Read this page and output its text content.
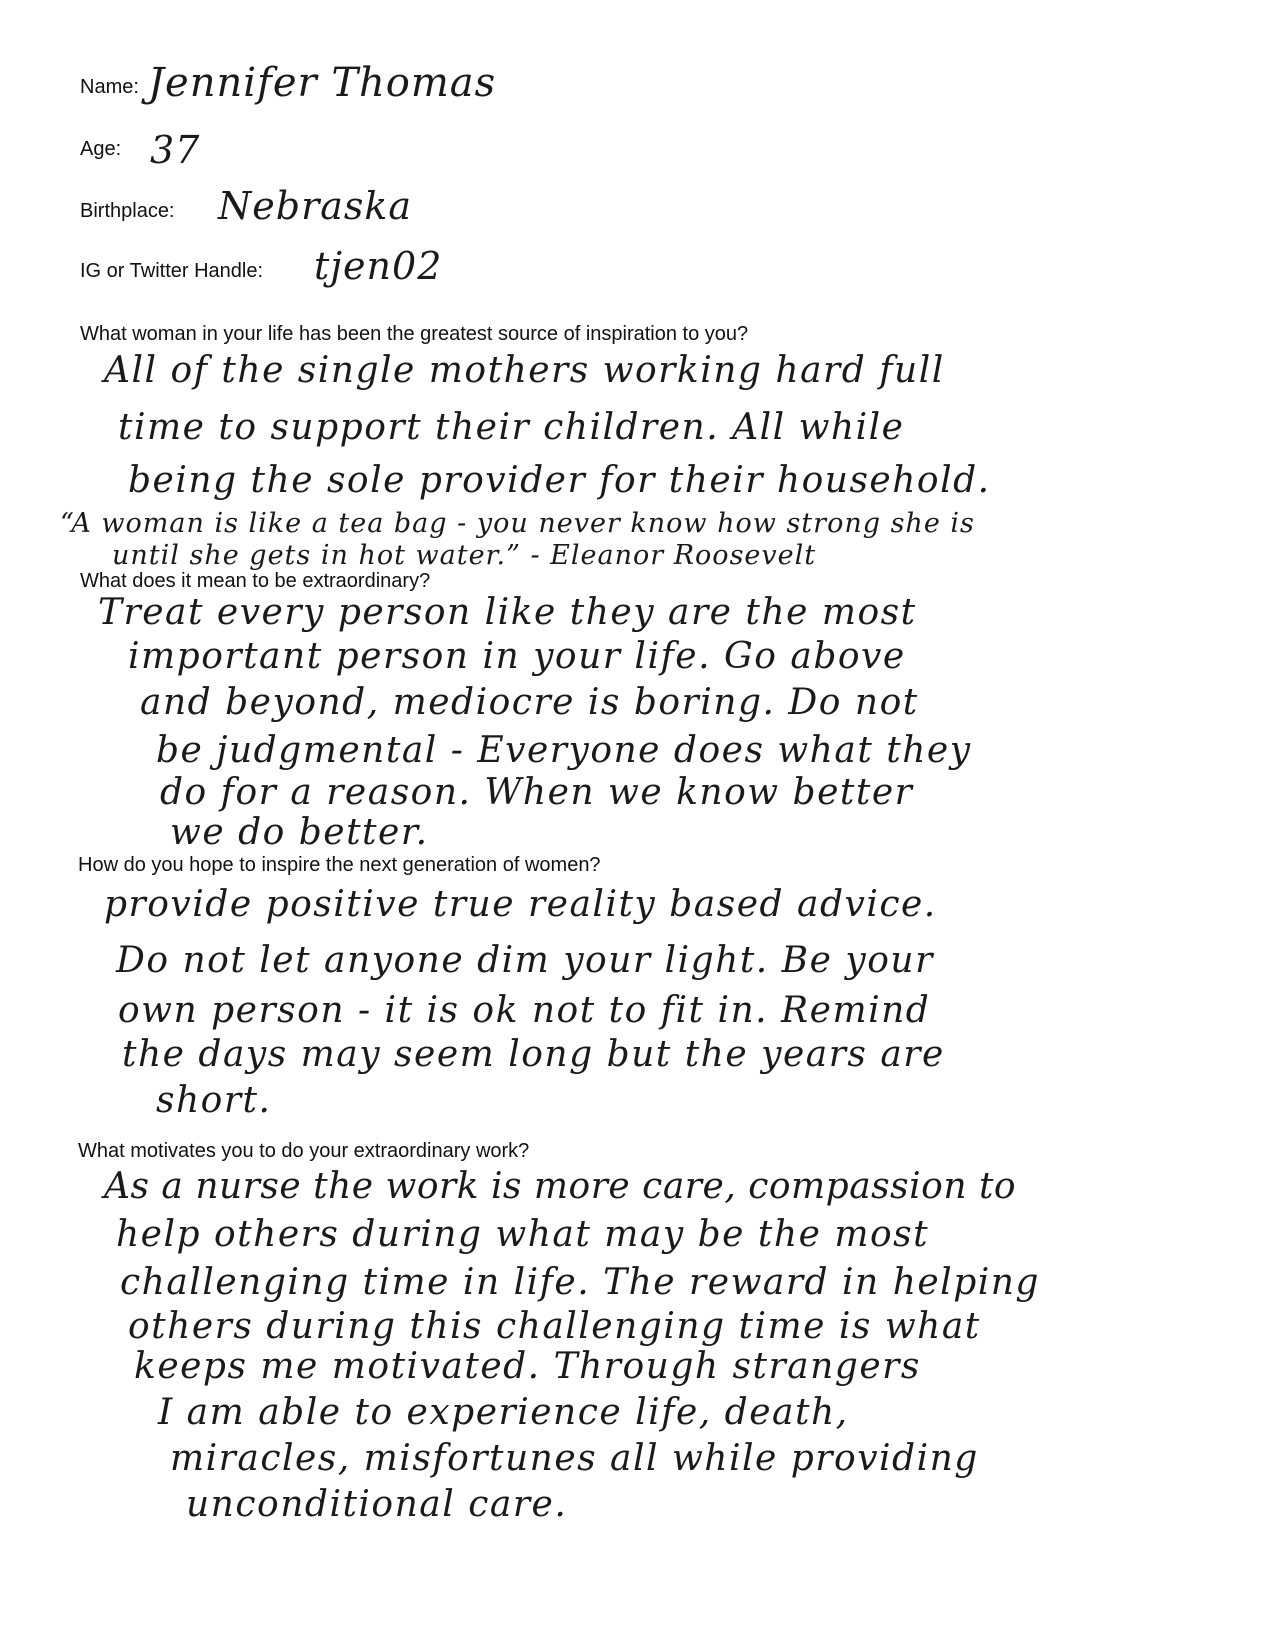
Name: Jennifer Thomas
Age: 37
Birthplace: Nebraska
IG or Twitter Handle: tjen02
What woman in your life has been the greatest source of inspiration to you?
All of the single mothers working hard full
time to support their children. All while
being the sole provider for their household.
“A woman is like a tea bag - you never know how strong she is
until she gets in hot water.” - Eleanor Roosevelt
What does it mean to be extraordinary?
Treat every person like they are the most
important person in your life. Go above
and beyond, mediocre is boring. Do not
be judgmental - Everyone does what they
do for a reason. When we know better
we do better.
How do you hope to inspire the next generation of women?
provide positive true reality based advice.
Do not let anyone dim your light. Be your
own person - it is ok not to fit in. Remind
the days may seem long but the years are
short.
What motivates you to do your extraordinary work?
As a nurse the work is more care, compassion to
help others during what may be the most
challenging time in life. The reward in helping
others during this challenging time is what
keeps me motivated. Through strangers
I am able to experience life, death,
miracles, misfortunes all while providing
unconditional care.
